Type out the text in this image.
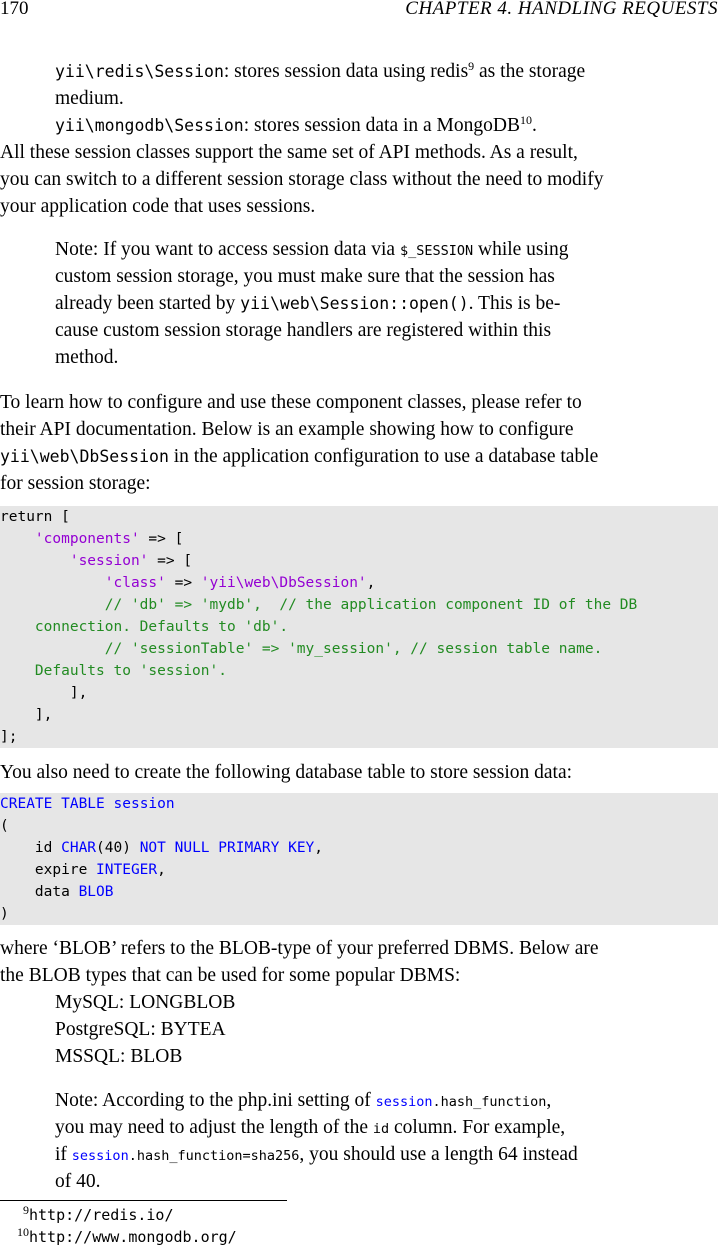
170	CHAPTER 4. HANDLING REQUESTS
yii\redis\Session: stores session data using redis$^9$ as the storage
medium.
yii\mongodb\Session: stores session data in a MongoDB$^{10}$.
All these session classes support the same set of API methods. As a result,
you can switch to a different session storage class without the need to modify
your application code that uses sessions.
Note: If you want to access session data via $_SESSION while using
custom session storage, you must make sure that the session has
already been started by yii\web\Session::open(). This is be-
cause custom session storage handlers are registered within this
method.
To learn how to configure and use these component classes, please refer to
their API documentation. Below is an example showing how to configure
yii\web\DbSession in the application configuration to use a database table
for session storage:
return [
'components' => [
'session' => [
'class' => 'yii\web\DbSession',
// 'db' => 'mydb',  // the application component ID of the DB
connection. Defaults to 'db'.
// 'sessionTable' => 'my_session', // session table name.
Defaults to 'session'.
],
],
];
You also need to create the following database table to store session data:
CREATE TABLE session
(
id CHAR(40) NOT NULL PRIMARY KEY,
expire INTEGER,
data BLOB
)
where ‘BLOB’ refers to the BLOB-type of your preferred DBMS. Below are
the BLOB types that can be used for some popular DBMS:
MySQL: LONGBLOB
PostgreSQL: BYTEA
MSSQL: BLOB
Note: According to the php.ini setting of session.hash_function,
you may need to adjust the length of the id column. For example,
if session.hash_function=sha256, you should use a length 64 instead
of 40.
$^9$http://redis.io/
$^{10}$http://www.mongodb.org/
